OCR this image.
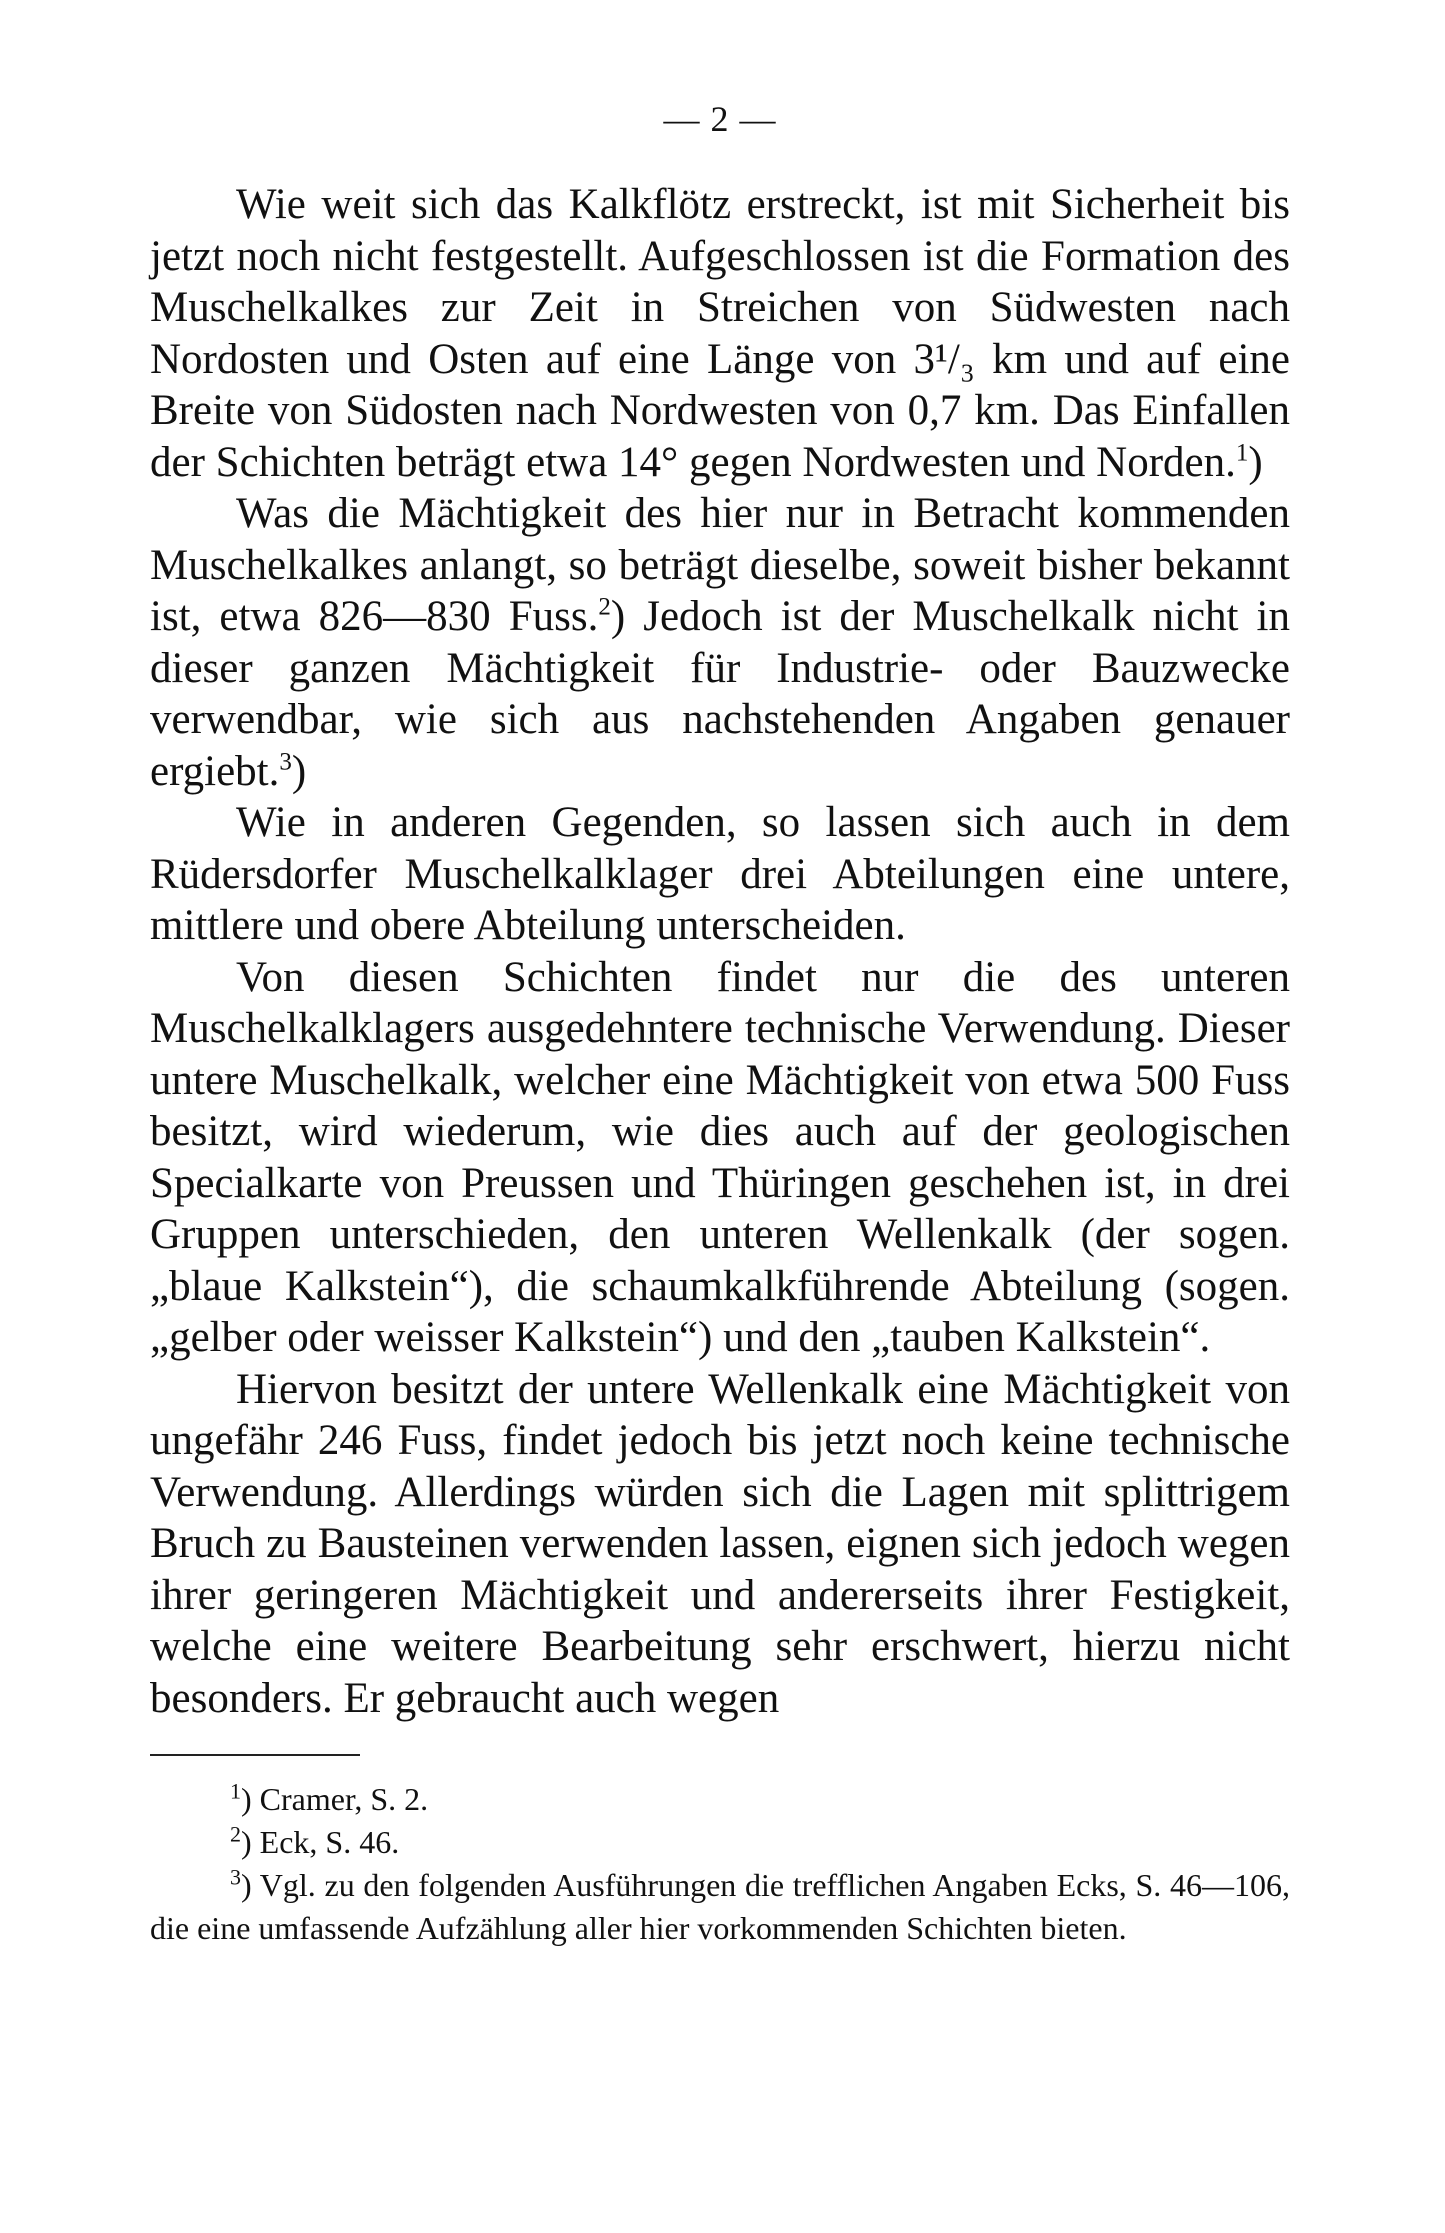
— 2 —

Wie weit sich das Kalkflötz erstreckt, ist mit Sicherheit bis jetzt noch nicht festgestellt. Aufgeschlossen ist die Formation des Muschelkalkes zur Zeit in Streichen von Südwesten nach Nordosten und Osten auf eine Länge von 3¹/₃ km und auf eine Breite von Südosten nach Nordwesten von 0,7 km. Das Einfallen der Schichten beträgt etwa 14° gegen Nordwesten und Norden.$^1$)

Was die Mächtigkeit des hier nur in Betracht kommenden Muschelkalkes anlangt, so beträgt dieselbe, soweit bisher bekannt ist, etwa 826—830 Fuss.$^2$) Jedoch ist der Muschelkalk nicht in dieser ganzen Mächtigkeit für Industrie- oder Bauzwecke verwendbar, wie sich aus nachstehenden Angaben genauer ergiebt.$^3$)

Wie in anderen Gegenden, so lassen sich auch in dem Rüdersdorfer Muschelkalklager drei Abteilungen eine untere, mittlere und obere Abteilung unterscheiden.

Von diesen Schichten findet nur die des unteren Muschelkalklagers ausgedehntere technische Verwendung. Dieser untere Muschelkalk, welcher eine Mächtigkeit von etwa 500 Fuss besitzt, wird wiederum, wie dies auch auf der geologischen Specialkarte von Preussen und Thüringen geschehen ist, in drei Gruppen unterschieden, den unteren Wellenkalk (der sogen. „blaue Kalkstein“), die schaumkalkführende Abteilung (sogen. „gelber oder weisser Kalkstein“) und den „tauben Kalkstein“.

Hiervon besitzt der untere Wellenkalk eine Mächtigkeit von ungefähr 246 Fuss, findet jedoch bis jetzt noch keine technische Verwendung. Allerdings würden sich die Lagen mit splittrigem Bruch zu Bausteinen verwenden lassen, eignen sich jedoch wegen ihrer geringeren Mächtigkeit und andererseits ihrer Festigkeit, welche eine weitere Bearbeitung sehr erschwert, hierzu nicht besonders. Er gebraucht auch wegen

$^1$) Cramer, S. 2.

$^2$) Eck, S. 46.

$^3$) Vgl. zu den folgenden Ausführungen die trefflichen Angaben Ecks, S. 46—106, die eine umfassende Aufzählung aller hier vorkommenden Schichten bieten.
